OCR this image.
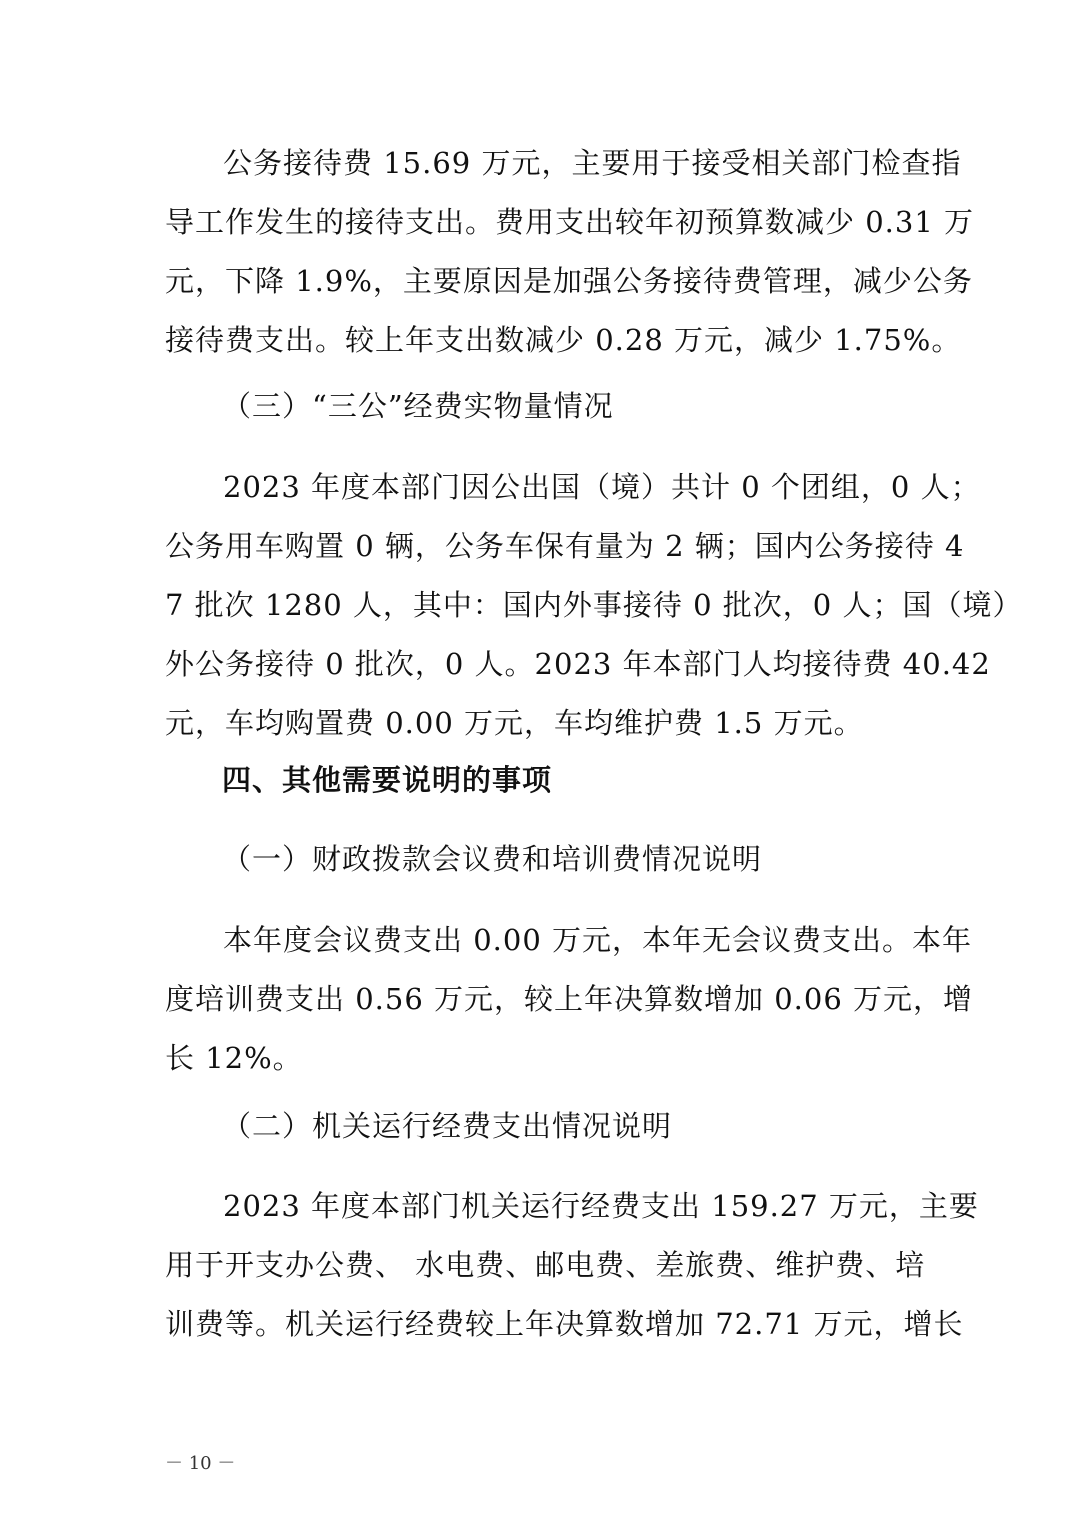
公务接待费 15.69 万元，主要用于接受相关部门检查指
导工作发生的接待支出。费用支出较年初预算数减少 0.31 万
元，下降 1.9%，主要原因是加强公务接待费管理，减少公务
接待费支出。较上年支出数减少 0.28 万元，减少 1.75%。
（三）“三公”经费实物量情况
2023 年度本部门因公出国（境）共计 0 个团组，0 人；
公务用车购置 0 辆，公务车保有量为 2 辆；国内公务接待 4
7 批次 1280 人，其中：国内外事接待 0 批次，0 人；国（境）
外公务接待 0 批次，0 人。2023 年本部门人均接待费 40.42
元，车均购置费 0.00 万元，车均维护费 1.5 万元。
四、其他需要说明的事项
（一）财政拨款会议费和培训费情况说明
本年度会议费支出 0.00 万元，本年无会议费支出。本年
度培训费支出 0.56 万元，较上年决算数增加 0.06 万元，增
长 12%。
（二）机关运行经费支出情况说明
2023 年度本部门机关运行经费支出 159.27 万元，主要
用于开支办公费、 水电费、邮电费、差旅费、维护费、培
训费等。机关运行经费较上年决算数增加 72.71 万元，增长
－ 10 －
